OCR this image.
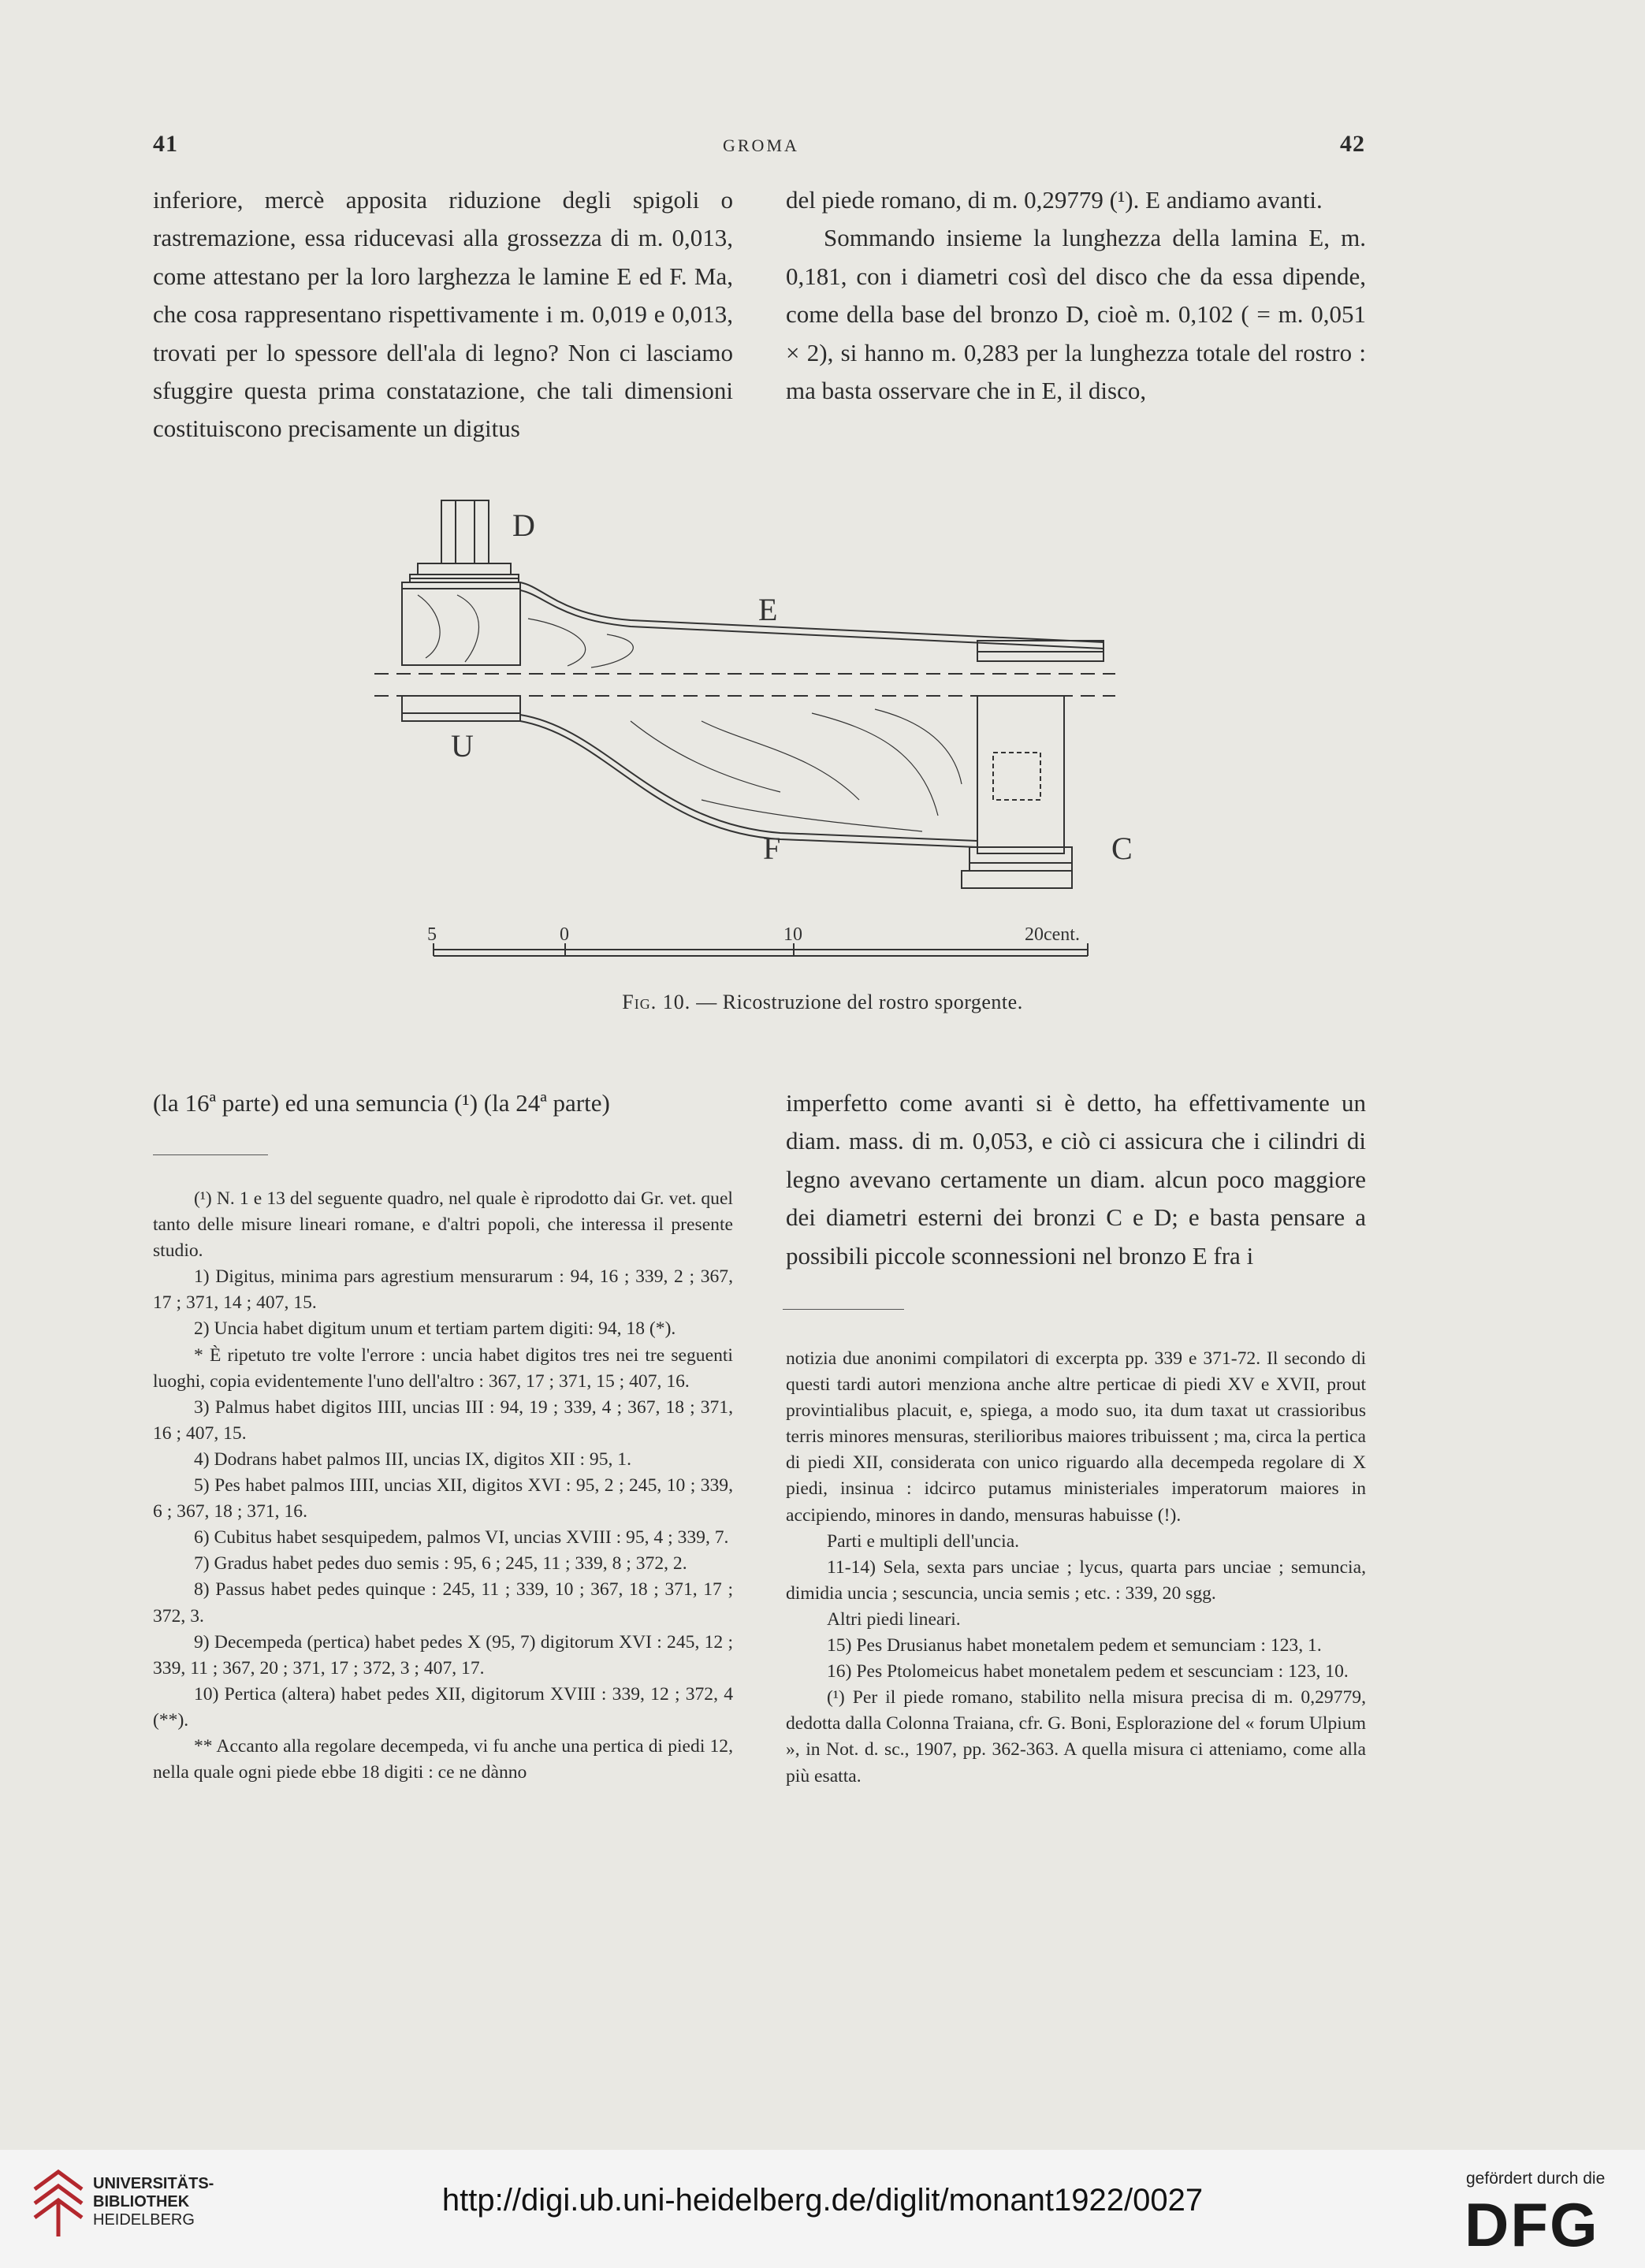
41	GROMA	42

inferiore, mercè apposita riduzione degli spigoli o rastremazione, essa riducevasi alla grossezza di m. 0,013, come attestano per la loro larghezza le lamine E ed F. Ma, che cosa rappresentano rispettivamente i m. 0,019 e 0,013, trovati per lo spessore dell'ala di legno? Non ci lasciamo sfuggire questa prima constatazione, che tali dimensioni costituiscono precisamente un digitus

del piede romano, di m. 0,29779 (¹). E andiamo avanti.

Sommando insieme la lunghezza della lamina E, m. 0,181, con i diametri così del disco che da essa dipende, come della base del bronzo D, cioè m. 0,102 ( = m. 0,051 × 2), si hanno m. 0,283 per la lunghezza totale del rostro : ma basta osservare che in E, il disco,

D
E
U
F	C
5	0	10	20cent.
Fig. 10. — Ricostruzione del rostro sporgente.

(la 16ª parte) ed una semuncia (¹) (la 24ª parte)	imperfetto come avanti si è detto, ha effettivamente un diam. mass. di m. 0,053, e ciò ci assicura che i cilindri di legno avevano certamente un diam. alcun poco maggiore dei diametri esterni dei bronzi C e D; e basta pensare a possibili piccole sconnessioni nel bronzo E fra i

(¹) N. 1 e 13 del seguente quadro, nel quale è riprodotto dai Gr. vet. quel tanto delle misure lineari romane, e d'altri popoli, che interessa il presente studio.

1) Digitus, minima pars agrestium mensurarum : 94, 16 ; 339, 2 ; 367, 17 ; 371, 14 ; 407, 15.

2) Uncia habet digitum unum et tertiam partem digiti: 94, 18 (*).

* È ripetuto tre volte l'errore : uncia habet digitos tres nei tre seguenti luoghi, copia evidentemente l'uno dell'altro : 367, 17 ; 371, 15 ; 407, 16.

3) Palmus habet digitos IIII, uncias III : 94, 19 ; 339, 4 ; 367, 18 ; 371, 16 ; 407, 15.

4) Dodrans habet palmos III, uncias IX, digitos XII : 95, 1.

5) Pes habet palmos IIII, uncias XII, digitos XVI : 95, 2 ; 245, 10 ; 339, 6 ; 367, 18 ; 371, 16.

6) Cubitus habet sesquipedem, palmos VI, uncias XVIII : 95, 4 ; 339, 7.

7) Gradus habet pedes duo semis : 95, 6 ; 245, 11 ; 339, 8 ; 372, 2.

8) Passus habet pedes quinque : 245, 11 ; 339, 10 ; 367, 18 ; 371, 17 ; 372, 3.

9) Decempeda (pertica) habet pedes X (95, 7) digitorum XVI : 245, 12 ; 339, 11 ; 367, 20 ; 371, 17 ; 372, 3 ; 407, 17.

10) Pertica (altera) habet pedes XII, digitorum XVIII : 339, 12 ; 372, 4 (**).

** Accanto alla regolare decempeda, vi fu anche una pertica di piedi 12, nella quale ogni piede ebbe 18 digiti : ce ne dànno

notizia due anonimi compilatori di excerpta pp. 339 e 371-72. Il secondo di questi tardi autori menziona anche altre perticae di piedi XV e XVII, prout provintialibus placuit, e, spiega, a modo suo, ita dum taxat ut crassioribus terris minores mensuras, sterilioribus maiores tribuissent ; ma, circa la pertica di piedi XII, considerata con unico riguardo alla decempeda regolare di X piedi, insinua : idcirco putamus ministeriales imperatorum maiores in accipiendo, minores in dando, mensuras habuisse (!).

Parti e multipli dell'uncia.

11-14) Sela, sexta pars unciae ; lycus, quarta pars unciae ; semuncia, dimidia uncia ; sescuncia, uncia semis ; etc. : 339, 20 sgg.

Altri piedi lineari.

15) Pes Drusianus habet monetalem pedem et semunciam : 123, 1.

16) Pes Ptolomeicus habet monetalem pedem et sescunciam : 123, 10.

(¹) Per il piede romano, stabilito nella misura precisa di m. 0,29779, dedotta dalla Colonna Traiana, cfr. G. Boni, Esplorazione del « forum Ulpium », in Not. d. sc., 1907, pp. 362-363. A quella misura ci atteniamo, come alla più esatta.

UNIVERSITÄTS-
BIBLIOTHEK
HEIDELBERG
http://digi.ub.uni-heidelberg.de/diglit/monant1922/0027
gefördert durch die
DFG
